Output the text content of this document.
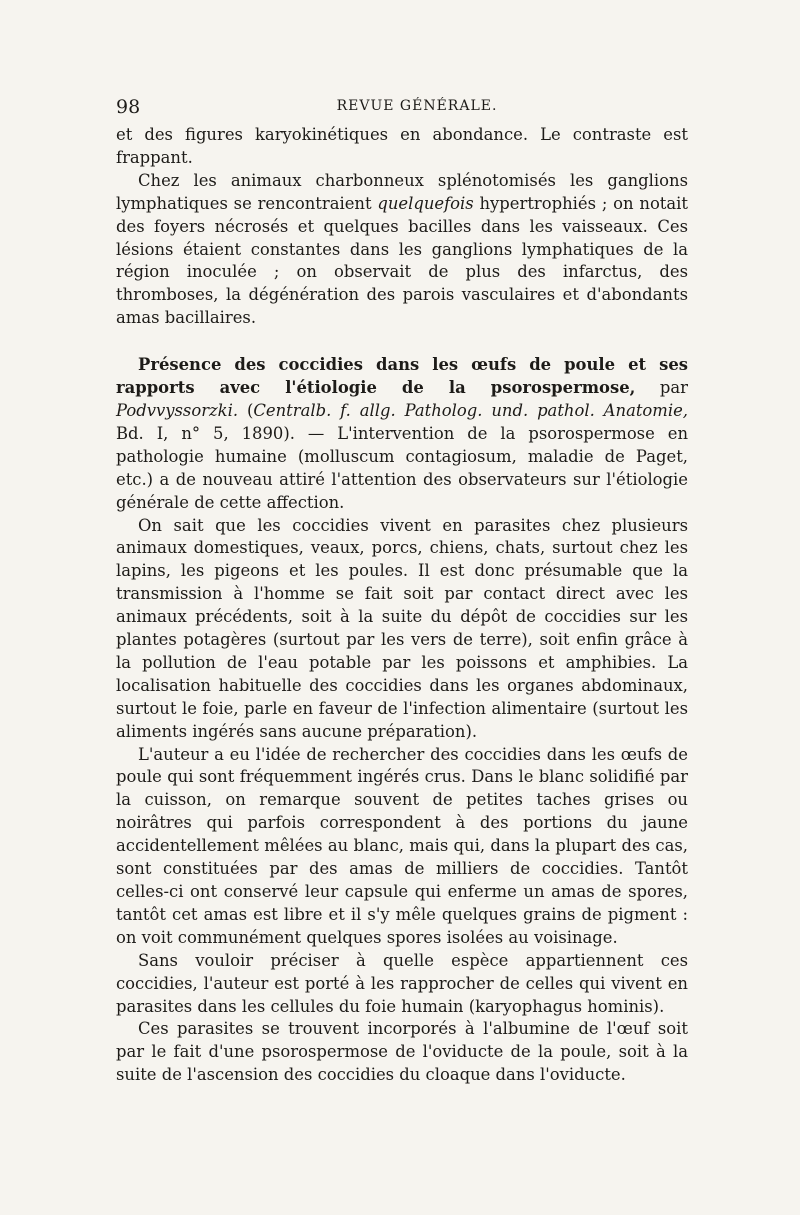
98	REVUE GÉNÉRALE.

et des figures karyokinétiques en abondance. Le contraste est frappant.

Chez les animaux charbonneux splénotomisés les ganglions lymphatiques se rencontraient quelquefois hypertrophiés ; on notait des foyers nécrosés et quelques bacilles dans les vaisseaux. Ces lésions étaient constantes dans les ganglions lymphatiques de la région inoculée ; on observait de plus des infarctus, des thromboses, la dégénération des parois vasculaires et d'abondants amas bacillaires.

Présence des coccidies dans les œufs de poule et ses rapports avec l'étiologie de la psorospermose, par Podvvyssorzki. (Centralb. f. allg. Patholog. und. pathol. Anatomie, Bd. I, n° 5, 1890). — L'intervention de la psorospermose en pathologie humaine (molluscum contagiosum, maladie de Paget, etc.) a de nouveau attiré l'attention des observateurs sur l'étiologie générale de cette affection.

On sait que les coccidies vivent en parasites chez plusieurs animaux domestiques, veaux, porcs, chiens, chats, surtout chez les lapins, les pigeons et les poules. Il est donc présumable que la transmission à l'homme se fait soit par contact direct avec les animaux précédents, soit à la suite du dépôt de coccidies sur les plantes potagères (surtout par les vers de terre), soit enfin grâce à la pollution de l'eau potable par les poissons et amphibies. La localisation habituelle des coccidies dans les organes abdominaux, surtout le foie, parle en faveur de l'infection alimentaire (surtout les aliments ingérés sans aucune préparation).

L'auteur a eu l'idée de rechercher des coccidies dans les œufs de poule qui sont fréquemment ingérés crus. Dans le blanc solidifié par la cuisson, on remarque souvent de petites taches grises ou noirâtres qui parfois correspondent à des portions du jaune accidentellement mêlées au blanc, mais qui, dans la plupart des cas, sont constituées par des amas de milliers de coccidies. Tantôt celles-ci ont conservé leur capsule qui enferme un amas de spores, tantôt cet amas est libre et il s'y mêle quelques grains de pigment : on voit communément quelques spores isolées au voisinage.

Sans vouloir préciser à quelle espèce appartiennent ces coccidies, l'auteur est porté à les rapprocher de celles qui vivent en parasites dans les cellules du foie humain (karyophagus hominis).

Ces parasites se trouvent incorporés à l'albumine de l'œuf soit par le fait d'une psorospermose de l'oviducte de la poule, soit à la suite de l'ascension des coccidies du cloaque dans l'oviducte.
